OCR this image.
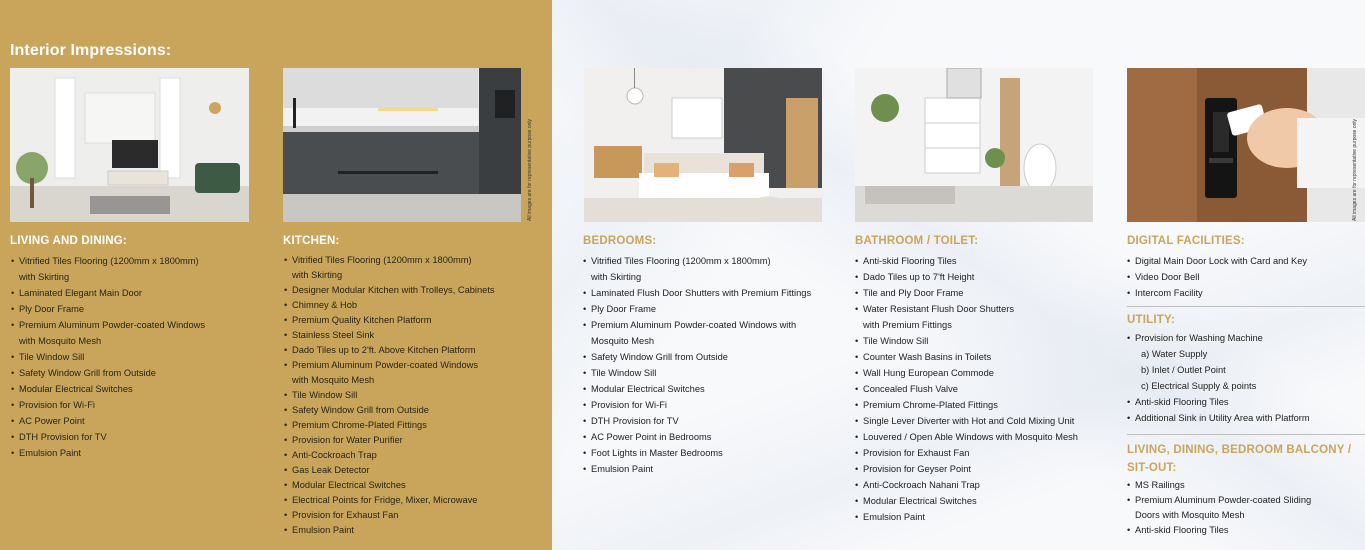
Interior Impressions:
All images are for representative purpose only	All images are for representative purpose only
LIVING AND DINING:
• Vitrified Tiles Flooring (1200mm x 1800mm)
with Skirting
• Laminated Elegant Main Door
• Ply Door Frame
• Premium Aluminum Powder-coated Windows
with Mosquito Mesh
• Tile Window Sill
• Safety Window Grill from Outside
• Modular Electrical Switches
• Provision for Wi-Fi
• AC Power Point
• DTH Provision for TV
• Emulsion Paint
KITCHEN:
• Vitrified Tiles Flooring (1200mm x 1800mm)
with Skirting
• Designer Modular Kitchen with Trolleys, Cabinets
• Chimney & Hob
• Premium Quality Kitchen Platform
• Stainless Steel Sink
• Dado Tiles up to 2'ft. Above Kitchen Platform
• Premium Aluminum Powder-coated Windows
with Mosquito Mesh
• Tile Window Sill
• Safety Window Grill from Outside
• Premium Chrome-Plated Fittings
• Provision for Water Purifier
• Anti-Cockroach Trap
• Gas Leak Detector
• Modular Electrical Switches
• Electrical Points for Fridge, Mixer, Microwave
• Provision for Exhaust Fan
• Emulsion Paint
BEDROOMS:
• Vitrified Tiles Flooring (1200mm x 1800mm)
with Skirting
• Laminated Flush Door Shutters with Premium Fittings
• Ply Door Frame
• Premium Aluminum Powder-coated Windows with
Mosquito Mesh
• Safety Window Grill from Outside
• Tile Window Sill
• Modular Electrical Switches
• Provision for Wi-Fi
• DTH Provision for TV
• AC Power Point in Bedrooms
• Foot Lights in Master Bedrooms
• Emulsion Paint
BATHROOM / TOILET:
• Anti-skid Flooring Tiles
• Dado Tiles up to 7'ft Height
• Tile and Ply Door Frame
• Water Resistant Flush Door Shutters
with Premium Fittings
• Tile Window Sill
• Counter Wash Basins in Toilets
• Wall Hung European Commode
• Concealed Flush Valve
• Premium Chrome-Plated Fittings
• Single Lever Diverter with Hot and Cold Mixing Unit
• Louvered / Open Able Windows with Mosquito Mesh
• Provision for Exhaust Fan
• Provision for Geyser Point
• Anti-Cockroach Nahani Trap
• Modular Electrical Switches
• Emulsion Paint
DIGITAL FACILITIES:
• Digital Main Door Lock with Card and Key
• Video Door Bell
• Intercom Facility
UTILITY:
• Provision for Washing Machine
a) Water Supply
b) Inlet / Outlet Point
c) Electrical Supply & points
• Anti-skid Flooring Tiles
• Additional Sink in Utility Area with Platform
LIVING, DINING, BEDROOM BALCONY /
SIT-OUT:
• MS Railings
• Premium Aluminum Powder-coated Sliding
Doors with Mosquito Mesh
• Anti-skid Flooring Tiles
